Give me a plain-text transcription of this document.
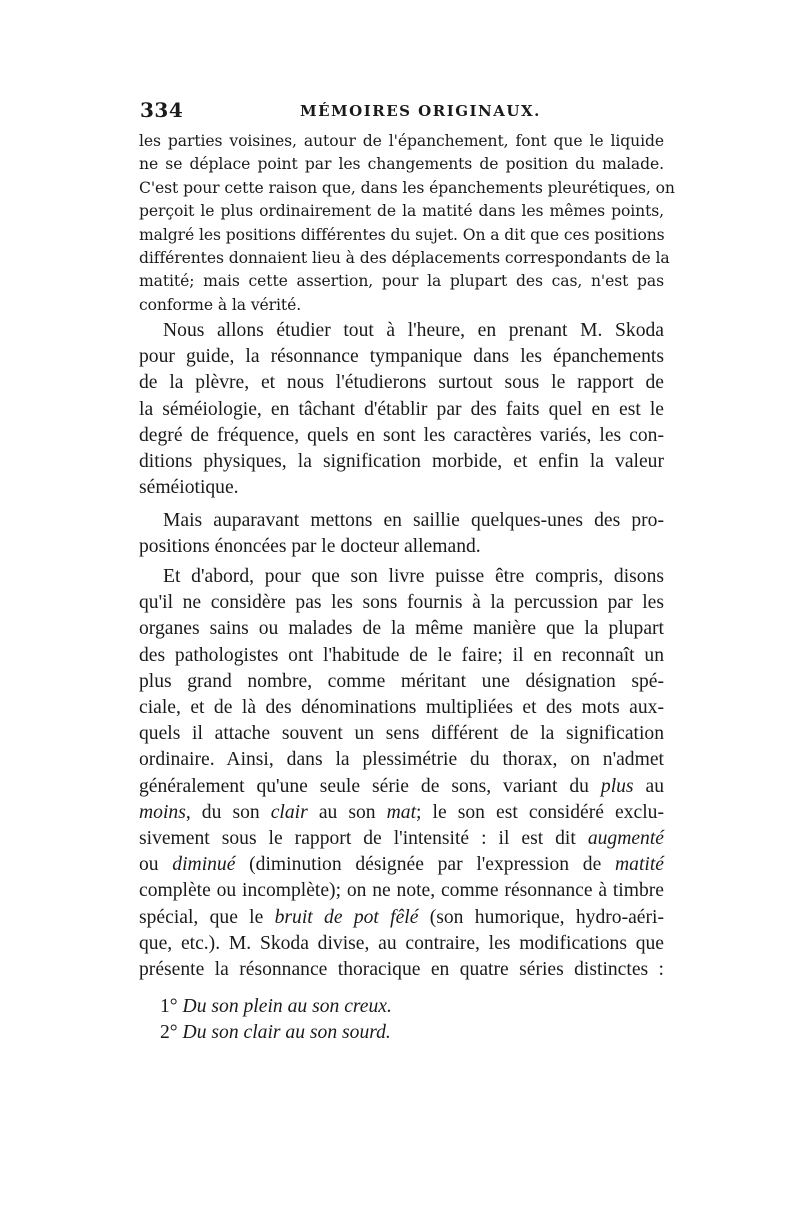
334	MÉMOIRES ORIGINAUX.

les parties voisines, autour de l'épanchement, font que le liquide
ne se déplace point par les changements de position du malade.
C'est pour cette raison que, dans les épanchements pleurétiques, on
perçoit le plus ordinairement de la matité dans les mêmes points,
malgré les positions différentes du sujet. On a dit que ces positions
différentes donnaient lieu à des déplacements correspondants de la
matité; mais cette assertion, pour la plupart des cas, n'est pas
conforme à la vérité.

Nous allons étudier tout à l'heure, en prenant M. Skoda
pour guide, la résonnance tympanique dans les épanchements
de la plèvre, et nous l'étudierons surtout sous le rapport de
la séméiologie, en tâchant d'établir par des faits quel en est le
degré de fréquence, quels en sont les caractères variés, les con-
ditions physiques, la signification morbide, et enfin la valeur
séméiotique.

Mais auparavant mettons en saillie quelques-unes des pro-
positions énoncées par le docteur allemand.

Et d'abord, pour que son livre puisse être compris, disons
qu'il ne considère pas les sons fournis à la percussion par les
organes sains ou malades de la même manière que la plupart
des pathologistes ont l'habitude de le faire; il en reconnaît un
plus grand nombre, comme méritant une désignation spé-
ciale, et de là des dénominations multipliées et des mots aux-
quels il attache souvent un sens différent de la signification
ordinaire. Ainsi, dans la plessimétrie du thorax, on n'admet
généralement qu'une seule série de sons, variant du plus au
moins, du son clair au son mat; le son est considéré exclu-
sivement sous le rapport de l'intensité : il est dit augmenté
ou diminué (diminution désignée par l'expression de matité
complète ou incomplète); on ne note, comme résonnance à timbre
spécial, que le bruit de pot fêlé (son humorique, hydro-aéri-
que, etc.). M. Skoda divise, au contraire, les modifications que
présente la résonnance thoracique en quatre séries distinctes :

1° Du son plein au son creux.
2° Du son clair au son sourd.
